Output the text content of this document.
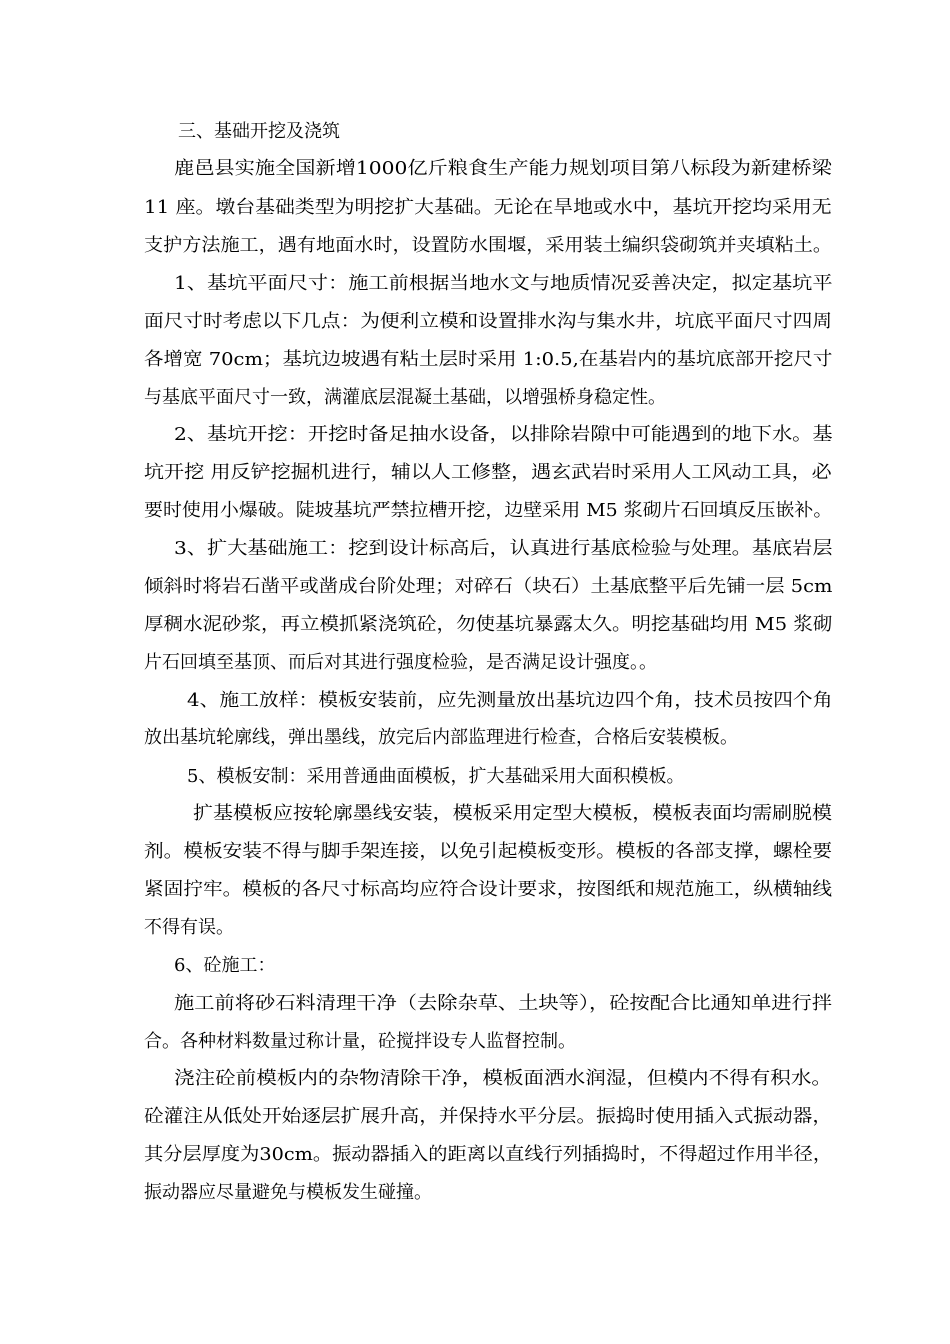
三、基础开挖及浇筑
鹿邑县实施全国新增1000亿斤粮食生产能力规划项目第八标段为新建桥梁
11 座。墩台基础类型为明挖扩大基础。无论在旱地或水中，基坑开挖均采用无
支护方法施工，遇有地面水时，设置防水围堰，采用装土编织袋砌筑并夹填粘土。
1、基坑平面尺寸：施工前根据当地水文与地质情况妥善决定，拟定基坑平
面尺寸时考虑以下几点：为便利立模和设置排水沟与集水井，坑底平面尺寸四周
各增宽 70cm；基坑边坡遇有粘土层时采用 1:0.5,在基岩内的基坑底部开挖尺寸
与基底平面尺寸一致，满灌底层混凝土基础，以增强桥身稳定性。
2、基坑开挖：开挖时备足抽水设备，以排除岩隙中可能遇到的地下水。基
坑开挖 用反铲挖掘机进行，辅以人工修整，遇玄武岩时采用人工风动工具，必
要时使用小爆破。陡坡基坑严禁拉槽开挖，边壁采用 M5 浆砌片石回填反压嵌补。
3、扩大基础施工：挖到设计标高后，认真进行基底检验与处理。基底岩层
倾斜时将岩石凿平或凿成台阶处理；对碎石（块石）土基底整平后先铺一层 5cm
厚稠水泥砂浆，再立模抓紧浇筑砼，勿使基坑暴露太久。明挖基础均用 M5 浆砌
片石回填至基顶、而后对其进行强度检验，是否满足设计强度。。
4、施工放样：模板安装前，应先测量放出基坑边四个角，技术员按四个角
放出基坑轮廓线，弹出墨线，放完后内部监理进行检查，合格后安装模板。
5、模板安制：采用普通曲面模板，扩大基础采用大面积模板。
扩基模板应按轮廓墨线安装，模板采用定型大模板，模板表面均需刷脱模
剂。模板安装不得与脚手架连接，以免引起模板变形。模板的各部支撑，螺栓要
紧固拧牢。模板的各尺寸标高均应符合设计要求，按图纸和规范施工，纵横轴线
不得有误。
6、砼施工：
施工前将砂石料清理干净（去除杂草、土块等），砼按配合比通知单进行拌
合。各种材料数量过称计量，砼搅拌设专人监督控制。
浇注砼前模板内的杂物清除干净，模板面洒水润湿，但模内不得有积水。
砼灌注从低处开始逐层扩展升高，并保持水平分层。振捣时使用插入式振动器，
其分层厚度为30cm。振动器插入的距离以直线行列插捣时，不得超过作用半径，
振动器应尽量避免与模板发生碰撞。
